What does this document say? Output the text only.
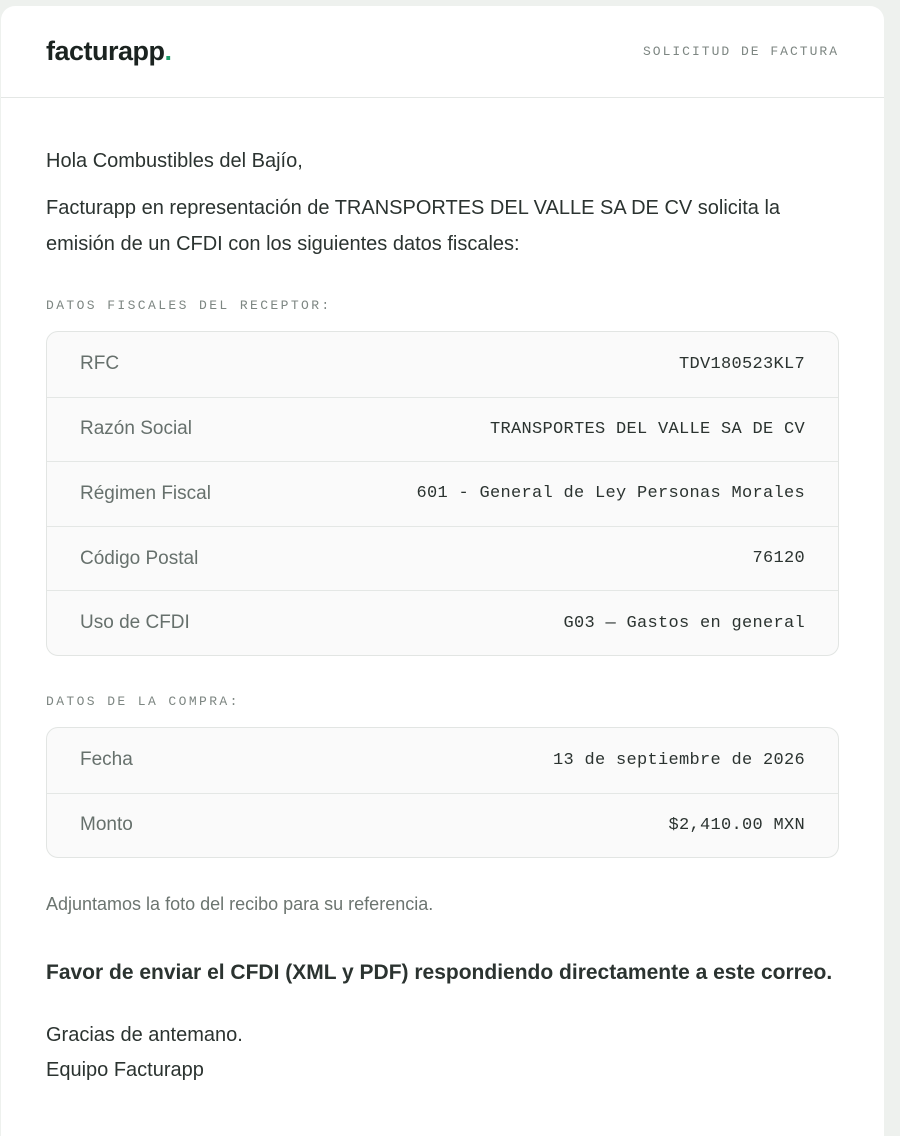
facturapp.	SOLICITUD DE FACTURA

Hola Combustibles del Bajío,

Facturapp en representación de TRANSPORTES DEL VALLE SA DE CV solicita la emisión de un CFDI con los siguientes datos fiscales:

DATOS FISCALES DEL RECEPTOR:
RFC	TDV180523KL7
Razón Social	TRANSPORTES DEL VALLE SA DE CV
Régimen Fiscal	601 - General de Ley Personas Morales
Código Postal	76120
Uso de CFDI	G03 — Gastos en general
DATOS DE LA COMPRA:
Fecha	13 de septiembre de 2026
Monto	$2,410.00 MXN

Adjuntamos la foto del recibo para su referencia.

Favor de enviar el CFDI (XML y PDF) respondiendo directamente a este correo.

Gracias de antemano.
Equipo Facturapp
